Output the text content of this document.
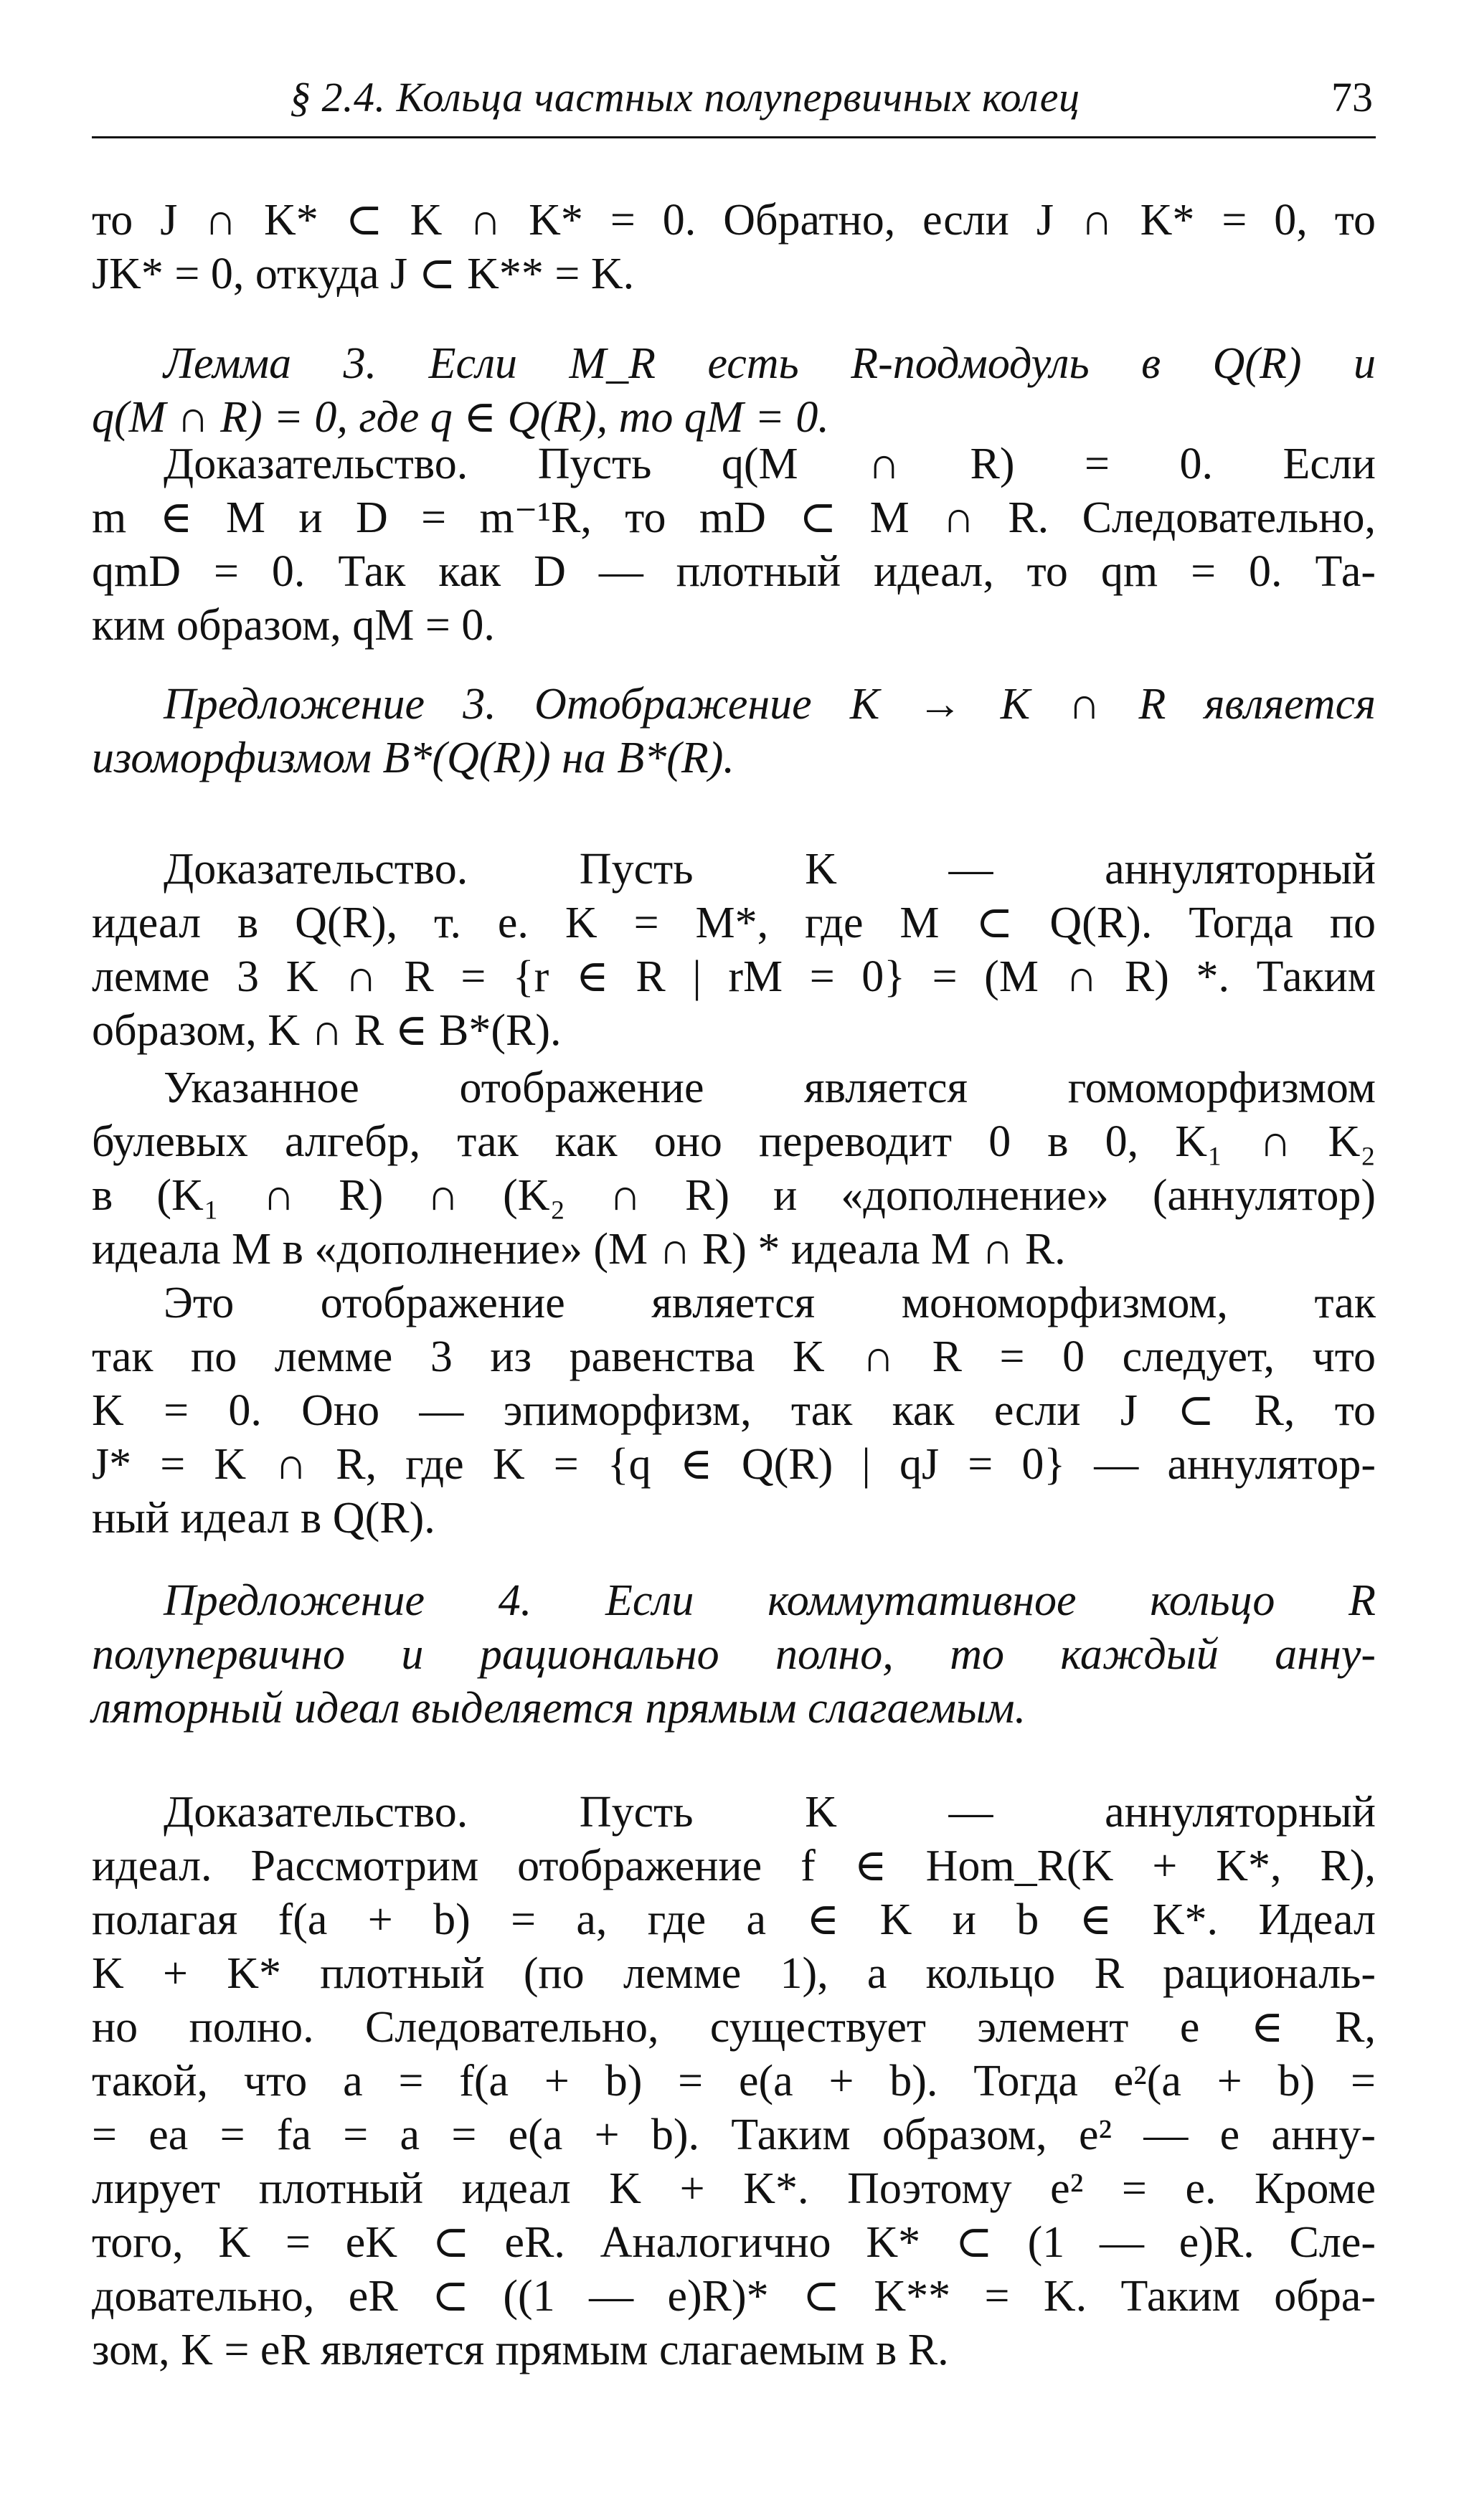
§ 2.4. Кольца частных полупервичных колец	73

то J ∩ K* ⊂ K ∩ K* = 0. Обратно, если J ∩ K* = 0, то
JK* = 0, откуда J ⊂ K** = K.

Лемма 3. Если M_R есть R-подмодуль в Q(R) и
q(M ∩ R) = 0, где q ∈ Q(R), то qM = 0.

Доказательство. Пусть q(M ∩ R) = 0. Если
m ∈ M и D = m⁻¹R, то mD ⊂ M ∩ R. Следовательно,
qmD = 0. Так как D — плотный идеал, то qm = 0. Та-
ким образом, qM = 0.

Предложение 3. Отображение K → K ∩ R является
изоморфизмом B*(Q(R)) на B*(R).

Доказательство. Пусть K — аннуляторный
идеал в Q(R), т. е. K = M*, где M ⊂ Q(R). Тогда по
лемме 3 K ∩ R = {r ∈ R | rM = 0} = (M ∩ R) *. Таким
образом, K ∩ R ∈ B*(R).

Указанное отображение является гомоморфизмом
булевых алгебр, так как оно переводит 0 в 0, K₁ ∩ K₂
в (K₁ ∩ R) ∩ (K₂ ∩ R) и «дополнение» (аннулятор)
идеала M в «дополнение» (M ∩ R) * идеала M ∩ R.

Это отображение является мономорфизмом, так
так по лемме 3 из равенства K ∩ R = 0 следует, что
K = 0. Оно — эпиморфизм, так как если J ⊂ R, то
J* = K ∩ R, где K = {q ∈ Q(R) | qJ = 0} — аннулятор-
ный идеал в Q(R).

Предложение 4. Если коммутативное кольцо R
полупервично и рационально полно, то каждый анну-
ляторный идеал выделяется прямым слагаемым.

Доказательство. Пусть K — аннуляторный
идеал. Рассмотрим отображение f ∈ Hom_R(K + K*, R),
полагая f(a + b) = a, где a ∈ K и b ∈ K*. Идеал
K + K* плотный (по лемме 1), а кольцо R рациональ-
но полно. Следовательно, существует элемент e ∈ R,
такой, что a = f(a + b) = e(a + b). Тогда e²(a + b) =
= ea = fa = a = e(a + b). Таким образом, e² — e анну-
лирует плотный идеал K + K*. Поэтому e² = e. Кроме
того, K = eK ⊂ eR. Аналогично K* ⊂ (1 — e)R. Сле-
довательно, eR ⊂ ((1 — e)R)* ⊂ K** = K. Таким обра-
зом, K = eR является прямым слагаемым в R.
